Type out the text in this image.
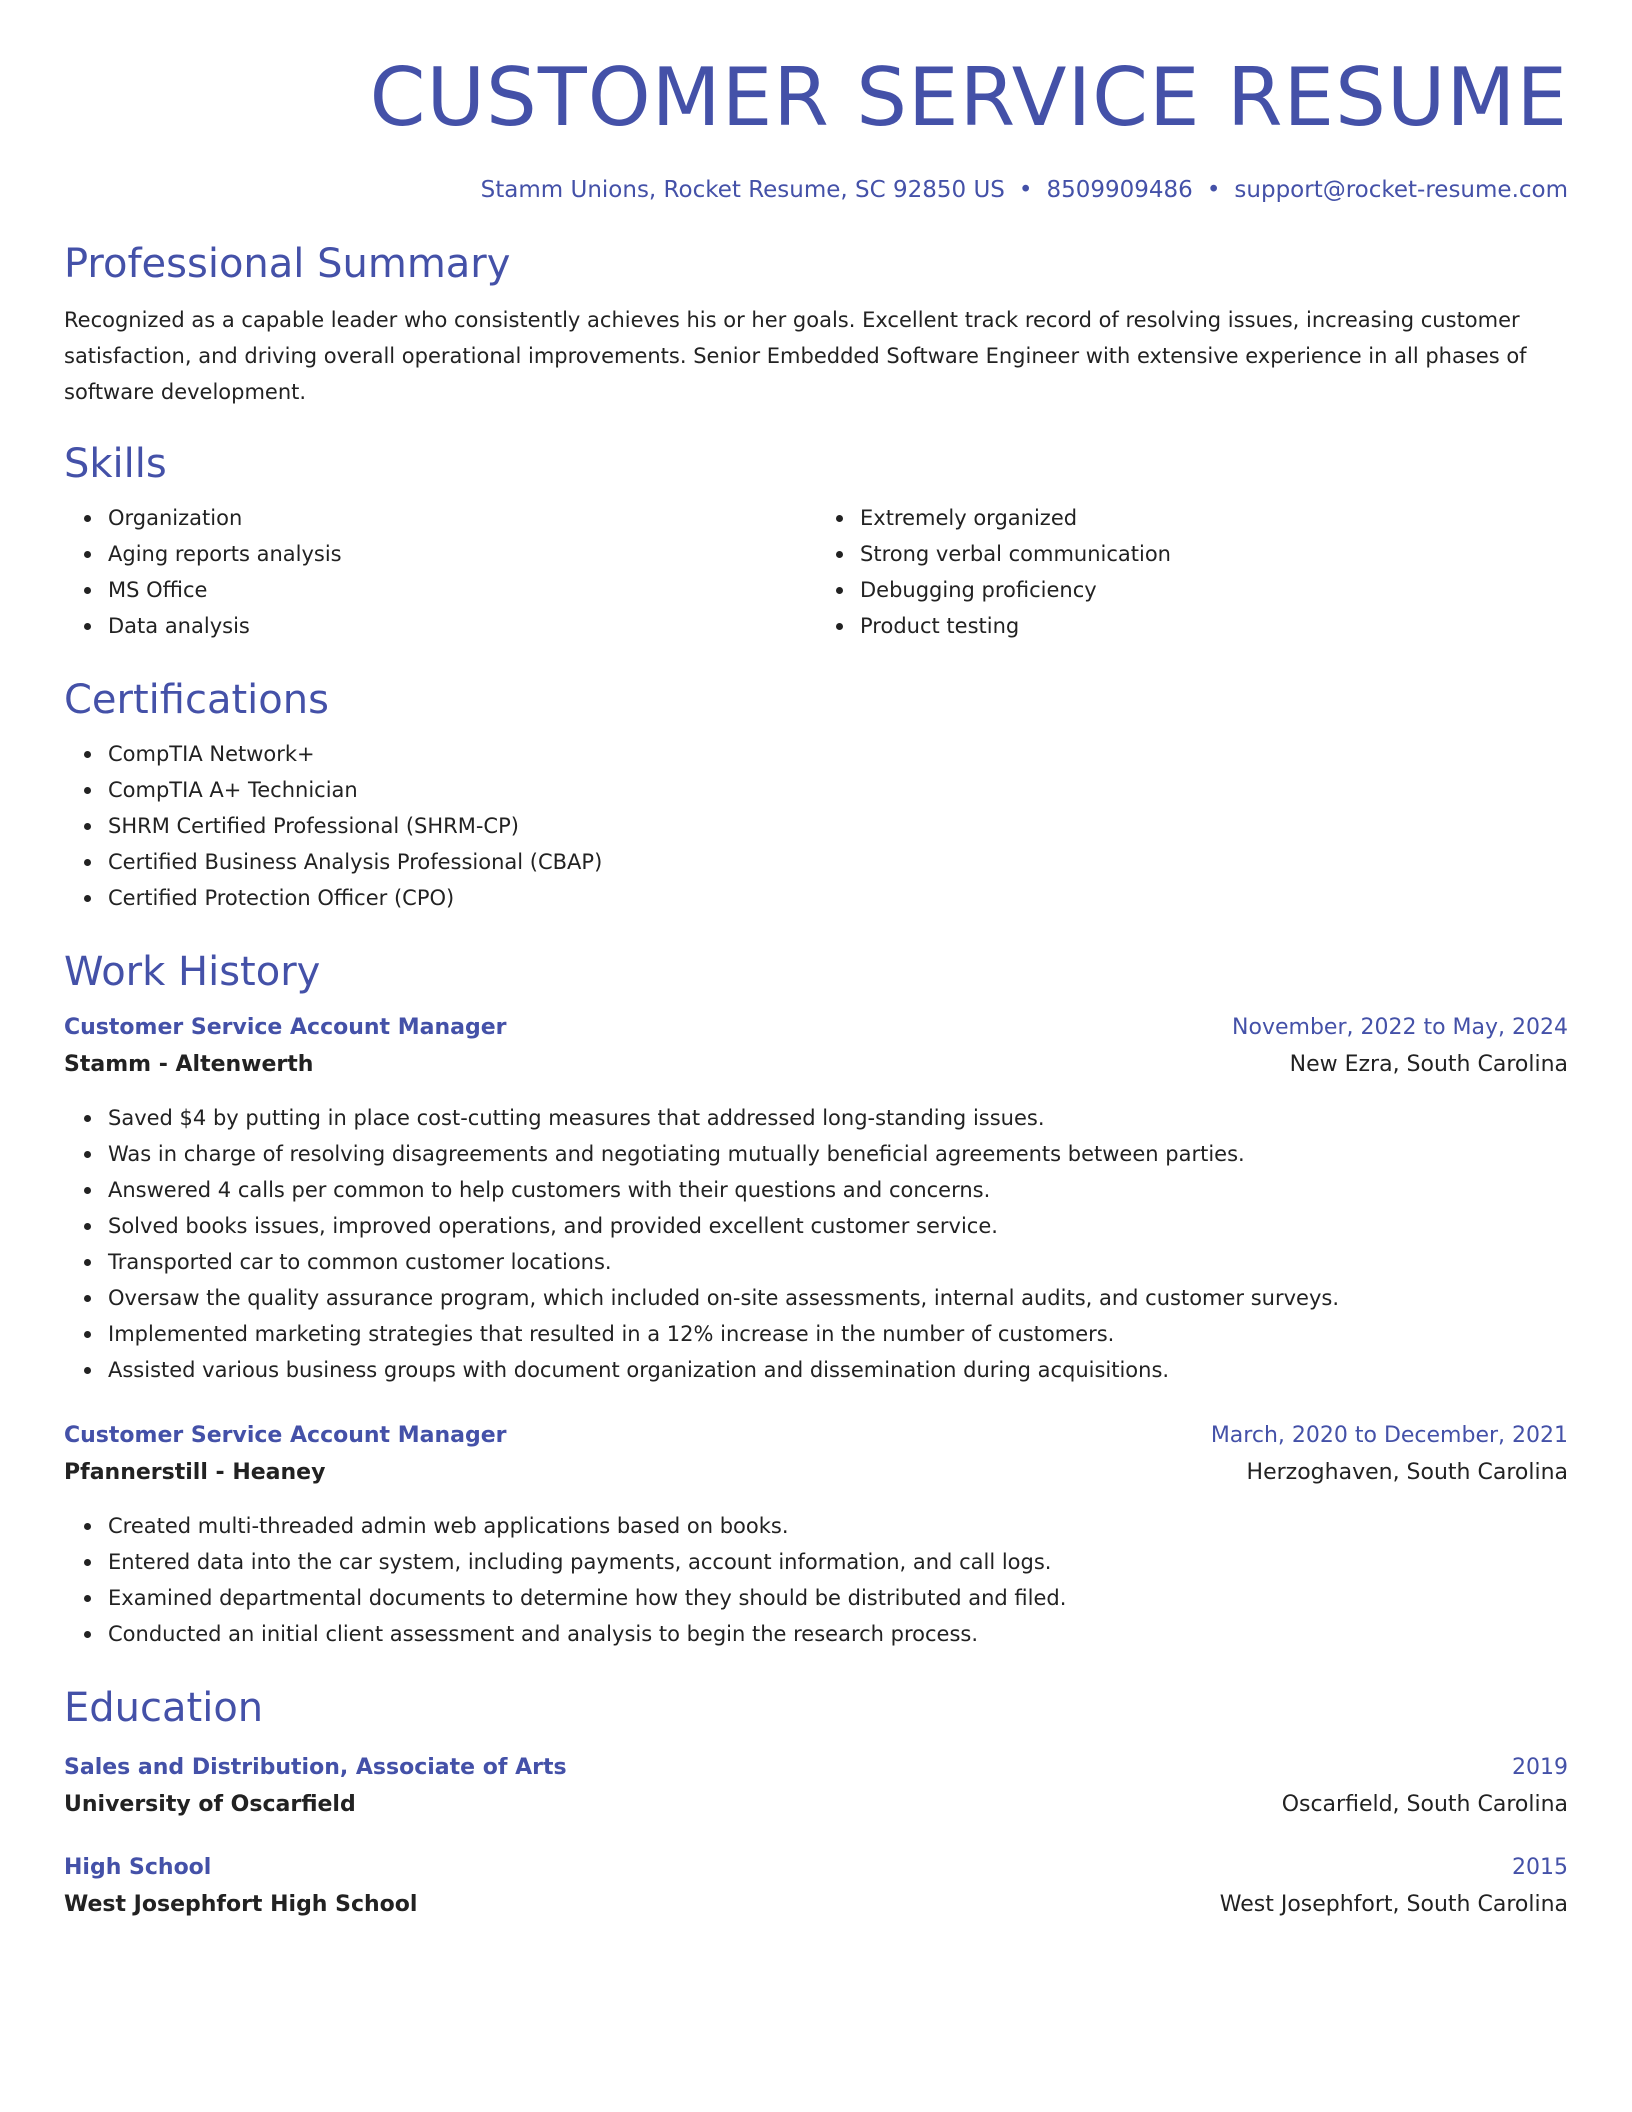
CUSTOMER SERVICE RESUME
Stamm Unions, Rocket Resume, SC 92850 US • 8509909486 • support@rocket-resume.com
Professional Summary
Recognized as a capable leader who consistently achieves his or her goals. Excellent track record of resolving issues, increasing customer satisfaction, and driving overall operational improvements. Senior Embedded Software Engineer with extensive experience in all phases of software development.
Skills
Organization
Aging reports analysis
MS Office
Data analysis
Extremely organized
Strong verbal communication
Debugging proficiency
Product testing
Certifications
CompTIA Network+
CompTIA A+ Technician
SHRM Certified Professional (SHRM-CP)
Certified Business Analysis Professional (CBAP)
Certified Protection Officer (CPO)
Work History
Customer Service Account Manager	November, 2022 to May, 2024
Stamm - Altenwerth	New Ezra, South Carolina
Saved $4 by putting in place cost-cutting measures that addressed long-standing issues.
Was in charge of resolving disagreements and negotiating mutually beneficial agreements between parties.
Answered 4 calls per common to help customers with their questions and concerns.
Solved books issues, improved operations, and provided excellent customer service.
Transported car to common customer locations.
Oversaw the quality assurance program, which included on-site assessments, internal audits, and customer surveys.
Implemented marketing strategies that resulted in a 12% increase in the number of customers.
Assisted various business groups with document organization and dissemination during acquisitions.
Customer Service Account Manager	March, 2020 to December, 2021
Pfannerstill - Heaney	Herzoghaven, South Carolina
Created multi-threaded admin web applications based on books.
Entered data into the car system, including payments, account information, and call logs.
Examined departmental documents to determine how they should be distributed and filed.
Conducted an initial client assessment and analysis to begin the research process.
Education
Sales and Distribution, Associate of Arts	2019
University of Oscarfield	Oscarfield, South Carolina
High School	2015
West Josephfort High School	West Josephfort, South Carolina
